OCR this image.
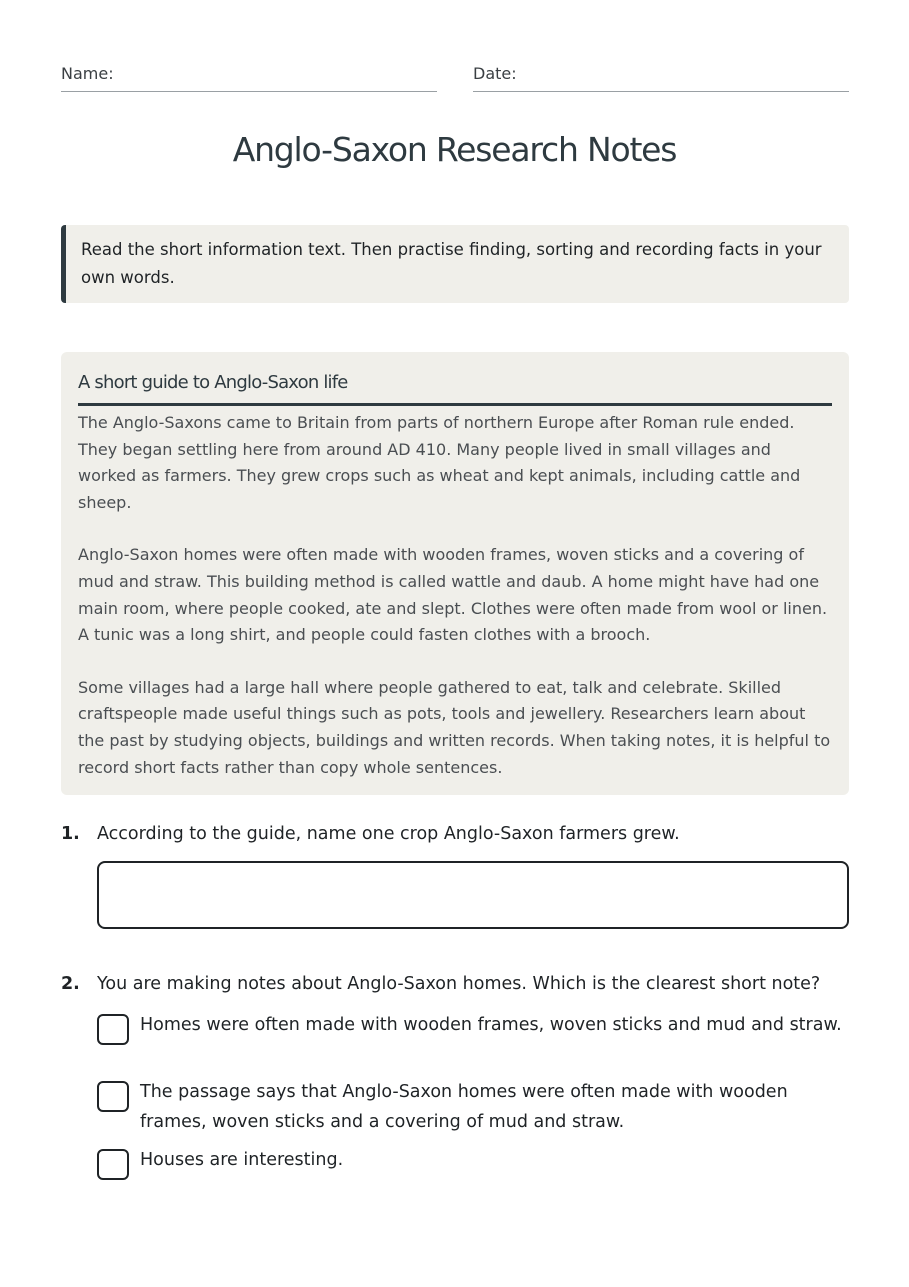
Name:	Date:
Anglo-Saxon Research Notes
Read the short information text. Then practise finding, sorting and recording facts in your own words.
A short guide to Anglo-Saxon life

The Anglo-Saxons came to Britain from parts of northern Europe after Roman rule ended. They began settling here from around AD 410. Many people lived in small villages and worked as farmers. They grew crops such as wheat and kept animals, including cattle and sheep.

Anglo-Saxon homes were often made with wooden frames, woven sticks and a covering of mud and straw. This building method is called wattle and daub. A home might have had one main room, where people cooked, ate and slept. Clothes were often made from wool or linen. A tunic was a long shirt, and people could fasten clothes with a brooch.

Some villages had a large hall where people gathered to eat, talk and celebrate. Skilled craftspeople made useful things such as pots, tools and jewellery. Researchers learn about the past by studying objects, buildings and written records. When taking notes, it is helpful to record short facts rather than copy whole sentences.

1. According to the guide, name one crop Anglo-Saxon farmers grew.
2. You are making notes about Anglo-Saxon homes. Which is the clearest short note?
Homes were often made with wooden frames, woven sticks and mud and straw.
The passage says that Anglo-Saxon homes were often made with wooden frames, woven sticks and a covering of mud and straw.
Houses are interesting.
